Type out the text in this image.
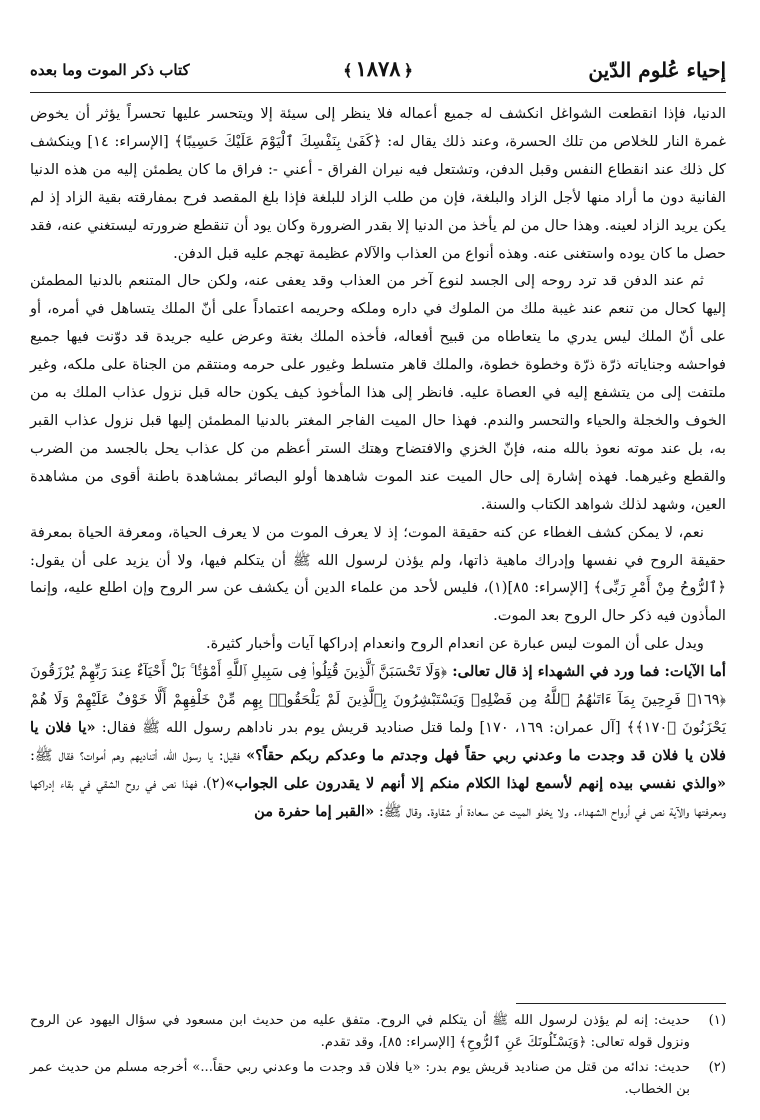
إحياء عُلوم الدّين
﴿١٨٧٨﴾
كتاب ذكر الموت وما بعده

الدنيا، فإذا انقطعت الشواغل انكشف له جميع أعماله فلا ينظر إلى سيئة إلا ويتحسر عليها تحسراً يؤثر أن يخوض غمرة النار للخلاص من تلك الحسرة، وعند ذلك يقال له: ﴿كَفَىٰ بِنَفْسِكَ ٱلْيَوْمَ عَلَيْكَ حَسِيبًا﴾ [الإسراء: ١٤] وينكشف كل ذلك عند انقطاع النفس وقبل الدفن، وتشتعل فيه نيران الفراق - أعني -: فراق ما كان يطمئن إليه من هذه الدنيا الفانية دون ما أراد منها لأجل الزاد والبلغة، فإن من طلب الزاد للبلغة فإذا بلغ المقصد فرح بمفارقته بقية الزاد إذ لم يكن يريد الزاد لعينه. وهذا حال من لم يأخذ من الدنيا إلا بقدر الضرورة وكان يود أن تنقطع ضرورته ليستغني عنه، فقد حصل ما كان يوده واستغنى عنه. وهذه أنواع من العذاب والآلام عظيمة تهجم عليه قبل الدفن.

ثم عند الدفن قد ترد روحه إلى الجسد لنوع آخر من العذاب وقد يعفى عنه، ولكن حال المتنعم بالدنيا المطمئن إليها كحال من تنعم عند غيبة ملك من الملوك في داره وملكه وحريمه اعتماداً على أنّ الملك يتساهل في أمره، أو على أنّ الملك ليس يدري ما يتعاطاه من قبيح أفعاله، فأخذه الملك بغتة وعرض عليه جريدة قد دوّنت فيها جميع فواحشه وجناياته ذرّة ذرّة وخطوة خطوة، والملك قاهر متسلط وغيور على حرمه ومنتقم من الجناة على ملكه، وغير ملتفت إلى من يتشفع إليه في العصاة عليه. فانظر إلى هذا المأخوذ كيف يكون حاله قبل نزول عذاب الملك به من الخوف والخجلة والحياء والتحسر والندم. فهذا حال الميت الفاجر المغتر بالدنيا المطمئن إليها قبل نزول عذاب القبر به، بل عند موته نعوذ بالله منه، فإنّ الخزي والافتضاح وهتك الستر أعظم من كل عذاب يحل بالجسد من الضرب والقطع وغيرهما. فهذه إشارة إلى حال الميت عند الموت شاهدها أولو البصائر بمشاهدة باطنة أقوى من مشاهدة العين، وشهد لذلك شواهد الكتاب والسنة.

نعم، لا يمكن كشف الغطاء عن كنه حقيقة الموت؛ إذ لا يعرف الموت من لا يعرف الحياة، ومعرفة الحياة بمعرفة حقيقة الروح في نفسها وإدراك ماهية ذاتها، ولم يؤذن لرسول الله ﷺ أن يتكلم فيها، ولا أن يزيد على أن يقول: ﴿ٱلرُّوحُ مِنْ أَمْرِ رَبِّى﴾ [الإسراء: ٨٥](١)، فليس لأحد من علماء الدين أن يكشف عن سر الروح وإن اطلع عليه، وإنما المأذون فيه ذكر حال الروح بعد الموت.

ويدل على أن الموت ليس عبارة عن انعدام الروح وانعدام إدراكها آيات وأخبار كثيرة.

أما الآيات: فما ورد في الشهداء إذ قال تعالى: ﴿وَلَا تَحْسَبَنَّ ٱلَّذِينَ قُتِلُوا۟ فِى سَبِيلِ ٱللَّهِ أَمْوَٰتًۢا ۚ بَلْ أَحْيَآءٌ عِندَ رَبِّهِمْ يُرْزَقُونَ ﴿١٦٩﴾ فَرِحِينَ بِمَآ ءَاتَىٰهُمُ ٱللَّهُ مِن فَضْلِهِۦ وَيَسْتَبْشِرُونَ بِٱلَّذِينَ لَمْ يَلْحَقُوا۟ بِهِم مِّنْ خَلْفِهِمْ أَلَّا خَوْفٌ عَلَيْهِمْ وَلَا هُمْ يَحْزَنُونَ ﴿١٧٠﴾﴾ [آل عمران: ١٦٩، ١٧٠] ولما قتل صناديد قريش يوم بدر ناداهم رسول الله ﷺ فقال: «يا فلان يا فلان يا فلان قد وجدت ما وعدني ربي حقاً فهل وجدتم ما وعدكم ربكم حقاً؟» فقيل: يا رسول الله، أتناديهم وهم أموات؟ فقال ﷺ: «والذي نفسي بيده إنهم لأسمع لهذا الكلام منكم إلا أنهم لا يقدرون على الجواب»(٢)، فهذا نص في روح الشقي في بقاء إدراكها ومعرفتها والآية نص في أرواح الشهداء. ولا يخلو الميت عن سعادة أو شقاوة. وقال ﷺ: «القبر إما حفرة من

(١)
حديث: إنه لم يؤذن لرسول الله ﷺ أن يتكلم في الروح. متفق عليه من حديث ابن مسعود في سؤال اليهود عن الروح ونزول قوله تعالى: ﴿وَيَسْـَٔلُونَكَ عَنِ ٱلرُّوحِ﴾ [الإسراء: ٨٥]، وقد تقدم.
(٢)
حديث: ندائه من قتل من صناديد قريش يوم بدر: «يا فلان قد وجدت ما وعدني ربي حقاً...» أخرجه مسلم من حديث عمر بن الخطاب.
